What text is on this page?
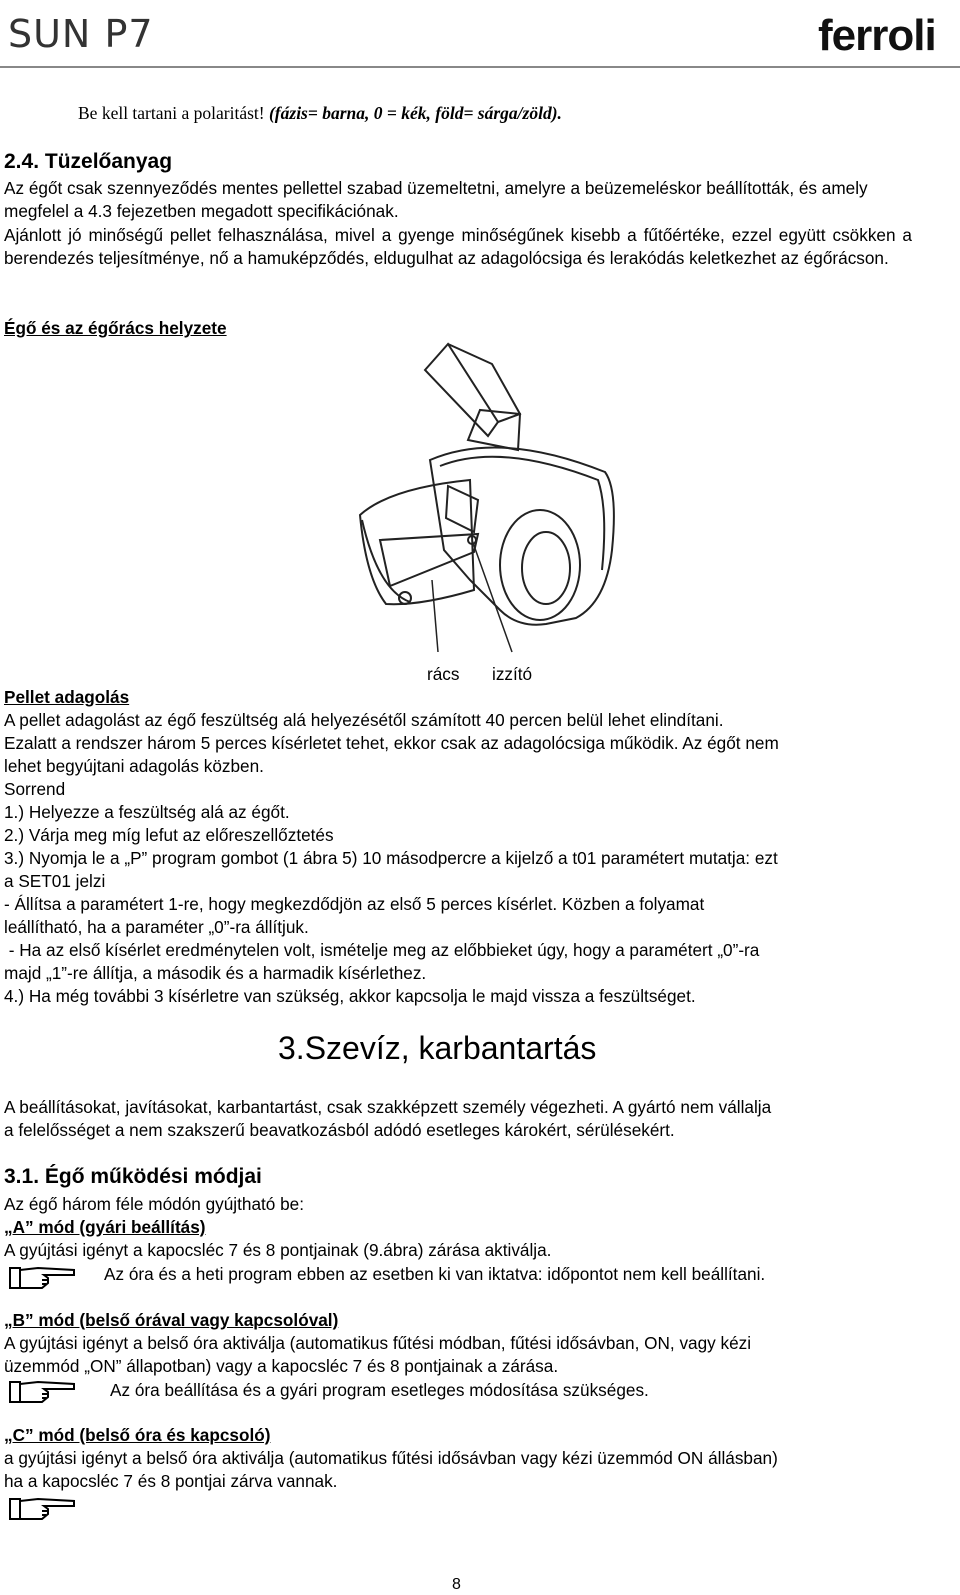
SUN P7	ferroli
Be kell tartani a polaritást! (fázis= barna, 0 = kék, föld= sárga/zöld).
2.4. Tüzelőanyag
Az égőt csak szennyeződés mentes pellettel szabad üzemeltetni, amelyre a beüzemeléskor beállították, és amely megfelel a 4.3 fejezetben megadott specifikációnak.
Ajánlott jó minőségű pellet felhasználása, mivel a gyenge minőségűnek kisebb a fűtőértéke, ezzel együtt csökken a berendezés teljesítménye, nő a hamuképződés, eldugulhat az adagolócsiga és lerakódás keletkezhet az égőrácson.
Égő és az égőrács helyzete
rács izzító
Pellet adagolás
A pellet adagolást az égő feszültség alá helyezésétől számított 40 percen belül lehet elindítani.
Ezalatt a rendszer három 5 perces kísérletet tehet, ekkor csak az adagolócsiga működik. Az égőt nem
lehet begyújtani adagolás közben.
Sorrend
1.) Helyezze a feszültség alá az égőt.
2.) Várja meg míg lefut az előreszellőztetés
3.) Nyomja le a „P” program gombot (1 ábra 5) 10 másodpercre a kijelző a t01 paramétert mutatja: ezt
a SET01 jelzi
- Állítsa a paramétert 1-re, hogy megkezdődjön az első 5 perces kísérlet. Közben a folyamat
leállítható, ha a paraméter „0”-ra állítjuk.
- Ha az első kísérlet eredménytelen volt, ismételje meg az előbbieket úgy, hogy a paramétert „0”-ra
majd „1”-re állítja, a második és a harmadik kísérlethez.
4.) Ha még további 3 kísérletre van szükség, akkor kapcsolja le majd vissza a feszültséget.
3.Szevíz, karbantartás
A beállításokat, javításokat, karbantartást, csak szakképzett személy végezheti. A gyártó nem vállalja
a felelősséget a nem szakszerű beavatkozásból adódó esetleges károkért, sérülésekért.
3.1. Égő működési módjai
Az égő három féle módón gyújtható be:
„A” mód (gyári beállítás)
A gyújtási igényt a kapocsléc 7 és 8 pontjainak (9.ábra) zárása aktiválja.
Az óra és a heti program ebben az esetben ki van iktatva: időpontot nem kell beállítani.
„B” mód (belső órával vagy kapcsolóval)
A gyújtási igényt a belső óra aktiválja (automatikus fűtési módban, fűtési idősávban, ON, vagy kézi
üzemmód „ON” állapotban) vagy a kapocsléc 7 és 8 pontjainak a zárása.
Az óra beállítása és a gyári program esetleges módosítása szükséges.
„C” mód (belső óra és kapcsoló)
a gyújtási igényt a belső óra aktiválja (automatikus fűtési idősávban vagy kézi üzemmód ON állásban)
ha a kapocsléc 7 és 8 pontjai zárva vannak.
8
